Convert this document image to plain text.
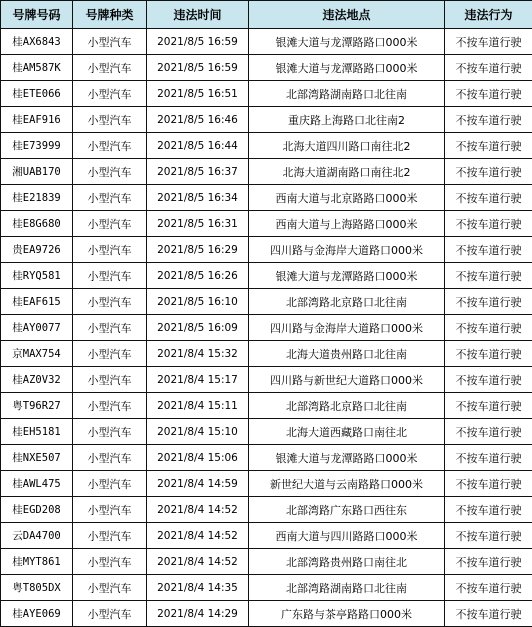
号牌号码	号牌种类	违法时间	违法地点	违法行为
桂AX6843	小型汽车	2021/8/5 16:59	银滩大道与龙潭路路口000米	不按车道行驶
桂AM587K	小型汽车	2021/8/5 16:59	银滩大道与龙潭路路口000米	不按车道行驶
桂ETE066	小型汽车	2021/8/5 16:51	北部湾路湖南路口北往南	不按车道行驶
桂EAF916	小型汽车	2021/8/5 16:46	重庆路上海路口北往南2	不按车道行驶
桂E73999	小型汽车	2021/8/5 16:44	北海大道四川路口南往北2	不按车道行驶
湘UAB170	小型汽车	2021/8/5 16:37	北海大道湖南路口南往北2	不按车道行驶
桂E21839	小型汽车	2021/8/5 16:34	西南大道与北京路路口000米	不按车道行驶
桂E8G680	小型汽车	2021/8/5 16:31	西南大道与上海路路口000米	不按车道行驶
贵EA9726	小型汽车	2021/8/5 16:29	四川路与金海岸大道路口000米	不按车道行驶
桂RYQ581	小型汽车	2021/8/5 16:26	银滩大道与龙潭路路口000米	不按车道行驶
桂EAF615	小型汽车	2021/8/5 16:10	北部湾路北京路口北往南	不按车道行驶
桂AY0077	小型汽车	2021/8/5 16:09	四川路与金海岸大道路口000米	不按车道行驶
京MAX754	小型汽车	2021/8/4 15:32	北海大道贵州路口北往南	不按车道行驶
桂AZ0V32	小型汽车	2021/8/4 15:17	四川路与新世纪大道路口000米	不按车道行驶
粤T96R27	小型汽车	2021/8/4 15:11	北部湾路北京路口北往南	不按车道行驶
桂EH5181	小型汽车	2021/8/4 15:10	北海大道西藏路口南往北	不按车道行驶
桂NXE507	小型汽车	2021/8/4 15:06	银滩大道与龙潭路路口000米	不按车道行驶
桂AWL475	小型汽车	2021/8/4 14:59	新世纪大道与云南路路口000米	不按车道行驶
桂EGD208	小型汽车	2021/8/4 14:52	北部湾路广东路口西往东	不按车道行驶
云DA4700	小型汽车	2021/8/4 14:52	西南大道与四川路路口000米	不按车道行驶
桂MYT861	小型汽车	2021/8/4 14:52	北部湾路贵州路口南往北	不按车道行驶
粤T805DX	小型汽车	2021/8/4 14:35	北部湾路湖南路口北往南	不按车道行驶
桂AYE069	小型汽车	2021/8/4 14:29	广东路与茶亭路路口000米	不按车道行驶
